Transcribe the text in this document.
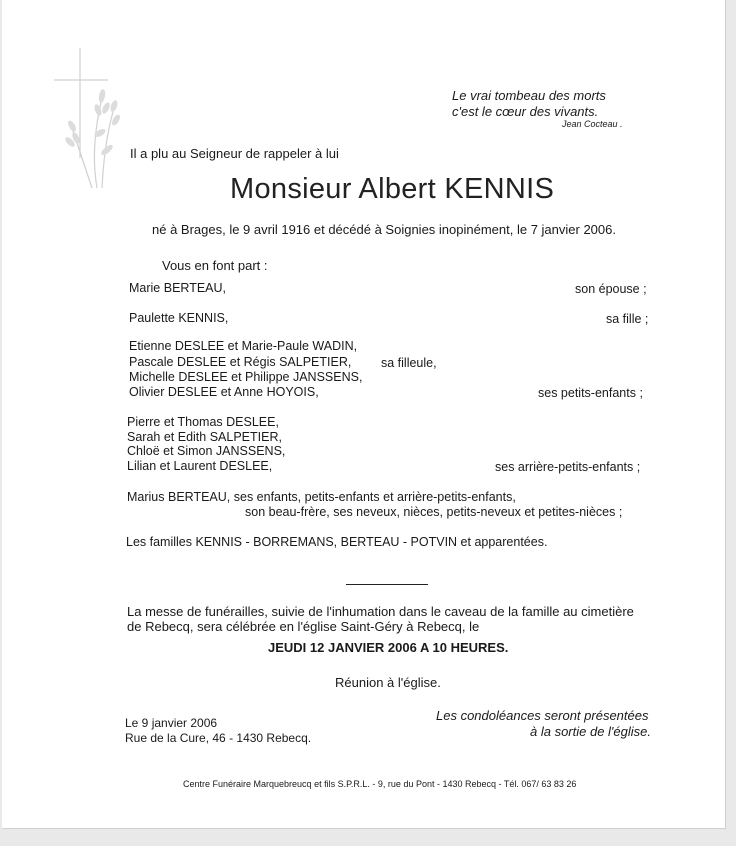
Le vrai tombeau des morts
c'est le cœur des vivants.
Jean Cocteau .
Il a plu au Seigneur de rappeler à lui
Monsieur Albert KENNIS
né à Brages, le 9 avril 1916 et décédé à Soignies inopinément, le 7 janvier 2006.
Vous en font part :
Marie BERTEAU,	son épouse ;
Paulette KENNIS,	sa fille ;
Etienne DESLEE et Marie-Paule WADIN,
Pascale DESLEE et Régis SALPETIER, sa filleule,
Michelle DESLEE et Philippe JANSSENS,
Olivier DESLEE et Anne HOYOIS,	ses petits-enfants ;
Pierre et Thomas DESLEE,
Sarah et Edith SALPETIER,
Chloë et Simon JANSSENS,
Lilian et Laurent DESLEE,	ses arrière-petits-enfants ;
Marius BERTEAU, ses enfants, petits-enfants et arrière-petits-enfants,
son beau-frère, ses neveux, nièces, petits-neveux et petites-nièces ;
Les familles KENNIS - BORREMANS, BERTEAU - POTVIN et apparentées.
La messe de funérailles, suivie de l'inhumation dans le caveau de la famille au cimetière
de Rebecq, sera célébrée en l'église Saint-Géry à Rebecq, le
JEUDI 12 JANVIER 2006 A 10 HEURES.
Réunion à l'église.
Le 9 janvier 2006
Rue de la Cure, 46 - 1430 Rebecq.
Les condoléances seront présentées
à la sortie de l'église.
Centre Funéraire Marquebreucq et fils S.P.R.L. - 9, rue du Pont - 1430 Rebecq - Tél. 067/ 63 83 26
